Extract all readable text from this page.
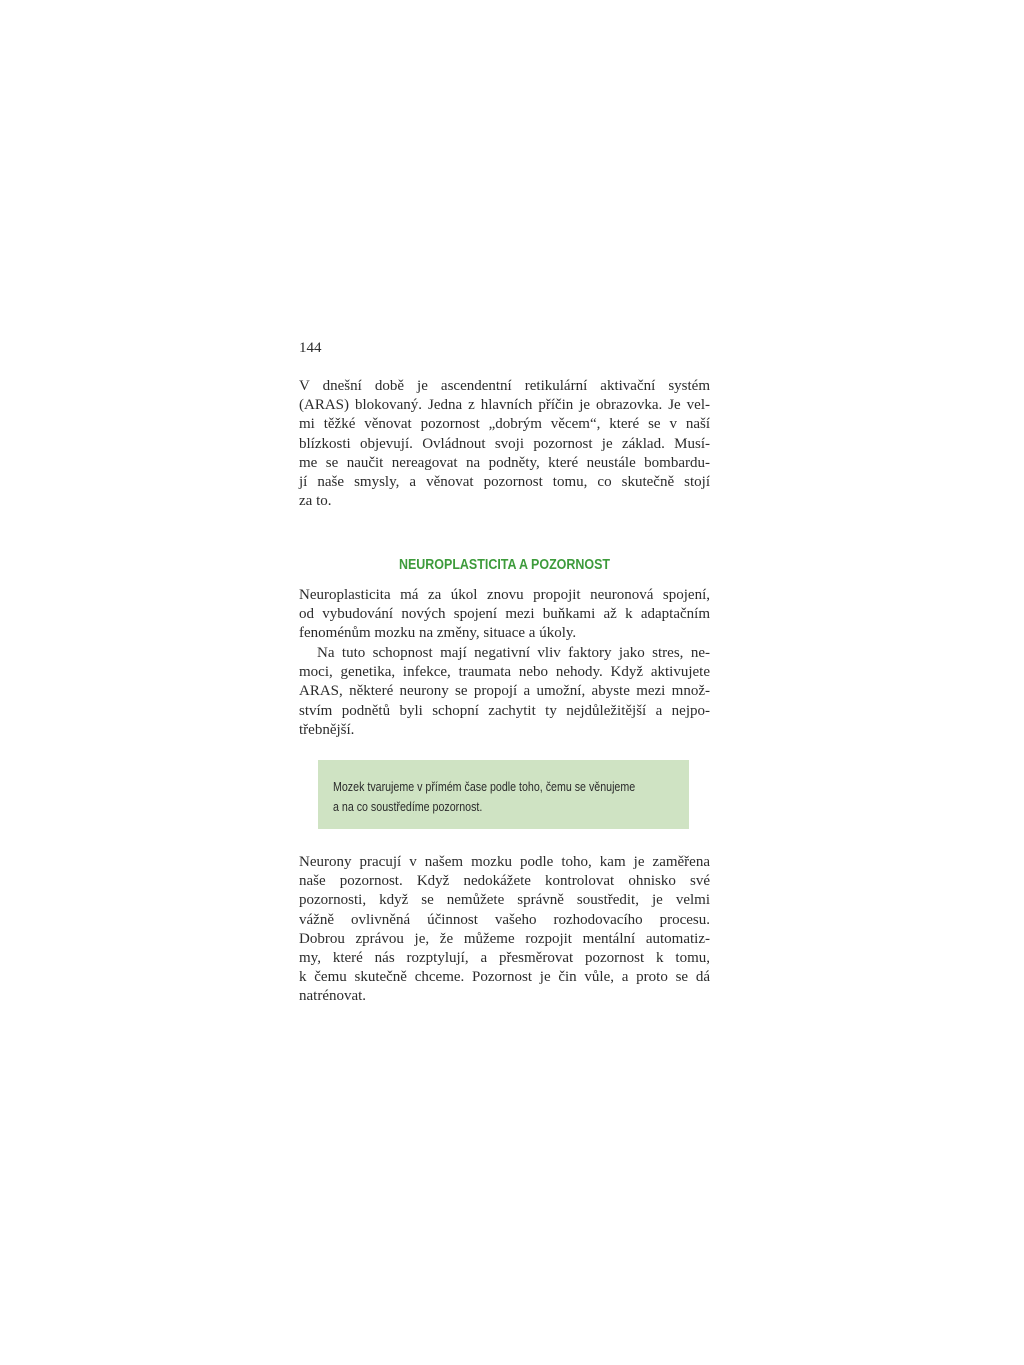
144

V dnešní době je ascendentní retikulární aktivační systém
(ARAS) blokovaný. Jedna z hlavních příčin je obrazovka. Je vel-
mi těžké věnovat pozornost „dobrým věcem“, které se v naší
blízkosti objevují. Ovládnout svoji pozornost je základ. Musí-
me se naučit nereagovat na podněty, které neustále bombardu-
jí naše smysly, a věnovat pozornost tomu, co skutečně stojí
za to.

NEUROPLASTICITA A POZORNOST

Neuroplasticita má za úkol znovu propojit neuronová spojení,
od vybudování nových spojení mezi buňkami až k adaptačním
fenoménům mozku na změny, situace a úkoly.

Na tuto schopnost mají negativní vliv faktory jako stres, ne-
moci, genetika, infekce, traumata nebo nehody. Když aktivujete
ARAS, některé neurony se propojí a umožní, abyste mezi množ-
stvím podnětů byli schopní zachytit ty nejdůležitější a nejpo-
třebnější.

Mozek tvarujeme v přímém čase podle toho, čemu se věnujeme
a na co soustředíme pozornost.

Neurony pracují v našem mozku podle toho, kam je zaměřena
naše pozornost. Když nedokážete kontrolovat ohnisko své
pozornosti, když se nemůžete správně soustředit, je velmi
vážně ovlivněná účinnost vašeho rozhodovacího procesu.
Dobrou zprávou je, že můžeme rozpojit mentální automatiz-
my, které nás rozptylují, a přesměrovat pozornost k tomu,
k čemu skutečně chceme. Pozornost je čin vůle, a proto se dá
natrénovat.
